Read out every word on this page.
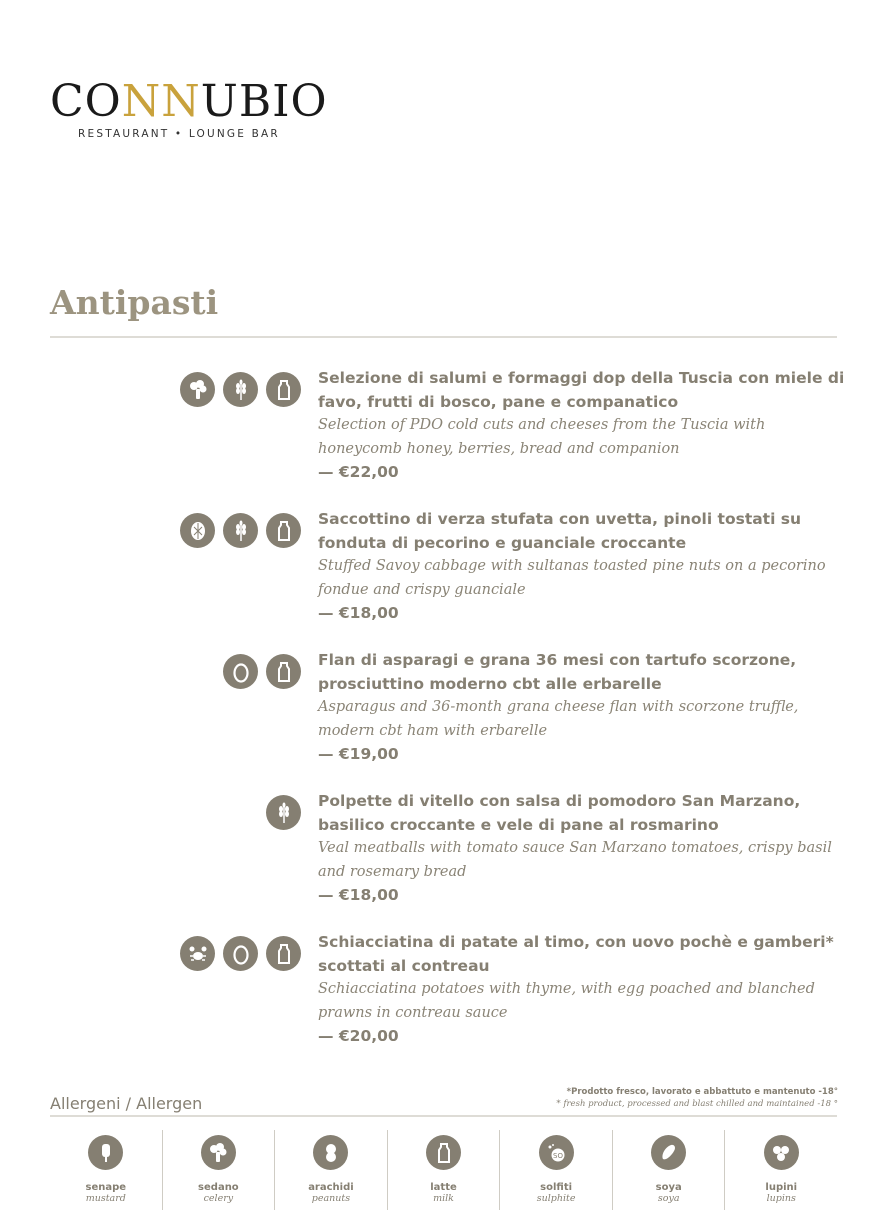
CONNUBIO
RESTAURANT • LOUNGE BAR
Antipasti
Selezione di salumi e formaggi dop della Tuscia con miele di favo, frutti di bosco, pane e companatico
Selection of PDO cold cuts and cheeses from the Tuscia with honeycomb honey, berries, bread and companion
— €22,00
Saccottino di verza stufata con uvetta, pinoli tostati su fonduta di pecorino e guanciale croccante
Stuffed Savoy cabbage with sultanas toasted pine nuts on a pecorino fondue and crispy guanciale
— €18,00
Flan di asparagi e grana 36 mesi con tartufo scorzone, prosciuttino moderno cbt alle erbarelle
Asparagus and 36-month grana cheese flan with scorzone truffle, modern cbt ham with erbarelle
— €19,00
Polpette di vitello con salsa di pomodoro San Marzano, basilico croccante e vele di pane al rosmarino
Veal meatballs with tomato sauce San Marzano tomatoes, crispy basil and rosemary bread
— €18,00
Schiacciatina di patate al timo, con uovo pochè e gamberi* scottati al contreau
Schiacciatina potatoes with thyme, with egg poached and blanched prawns in contreau sauce
— €20,00
Allergeni / Allergen
*Prodotto fresco, lavorato e abbattuto e mantenuto -18°
* fresh product, processed and blast chilled and maintained -18 °
senape
mustard
sedano
celery
arachidi
peanuts
latte
milk
SO
solfiti
sulphite
soya
soya
lupini
lupins
